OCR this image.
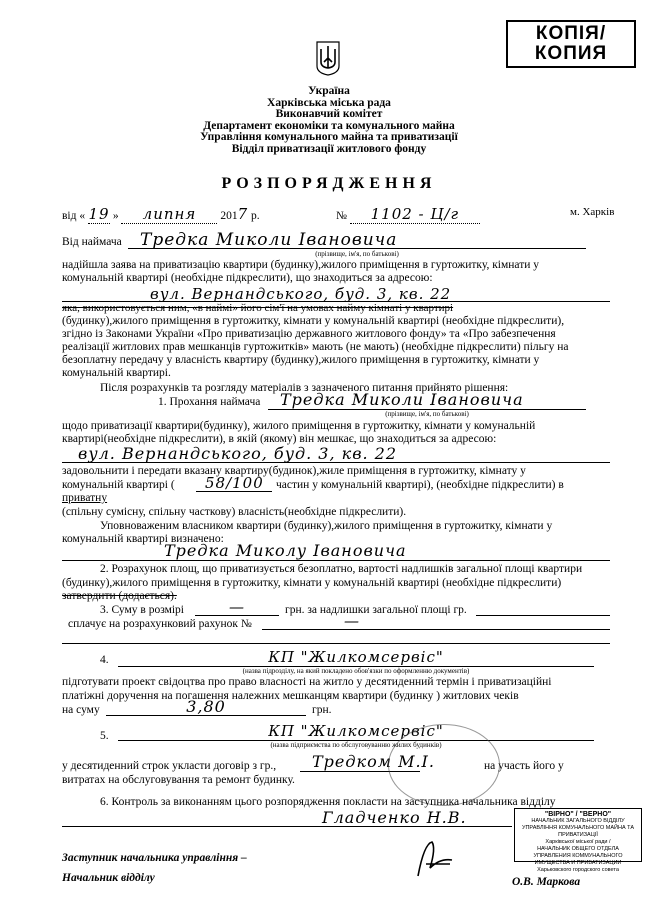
КОПІЯ/
КОПИЯ
Україна
Харківська міська рада
Виконавчий комітет
Департамент економіки та комунального майна
Управління комунального майна та приватизації
Відділ приватизації житлового фонду
РОЗПОРЯДЖЕННЯ
від « 19 » липня 2017 р.	№ 1102 - Ц/г	м. Харків
Від наймача Тредка Миколи Івановича
(прізвище, ім'я, по батькові)
надійшла заява на приватизацію квартири (будинку),жилого приміщення в гуртожитку, кімнати у
комунальній квартирі (необхідне підкреслити), що знаходиться за адресою:
вул. Вернандського, буд. 3, кв. 22
яка, використовується ним, «в наймі» його сім'ї на умовах найму кімнаті у квартирі
(будинку),жилого приміщення в гуртожитку, кімнати у комунальній квартирі (необхідне підкреслити),
згідно із Законами України «Про приватизацію державного житлового фонду» та «Про забезпечення
реалізації житлових прав мешканців гуртожитків» мають (не мають) (необхідне підкреслити) пільгу на
безоплатну передачу у власність квартиру (будинку),жилого приміщення в гуртожитку, кімнати у
комунальній квартирі.
Після розрахунків та розгляду матеріалів з зазначеного питання прийнято рішення:
1. Прохання наймача Тредка Миколи Івановича
(прізвище, ім'я, по батькові)
щодо приватизації квартири(будинку), жилого приміщення в гуртожитку, кімнати у комунальній
квартирі(необхідне підкреслити), в якій (якому) він мешкає, що знаходиться за адресою:
вул. Вернандського, буд. 3, кв. 22
задовольнити і передати вказану квартиру(будинок),жиле приміщення в гуртожитку, кімнату у
комунальній квартирі ( 58/100 частин у комунальній квартирі), (необхідне підкреслити) в
приватну
(спільну сумісну, спільну часткову) власність(необхідне підкреслити).
Уповноваженим власником квартири (будинку),жилого приміщення в гуртожитку, кімнати у
комунальній квартирі визначено:
Тредка Миколу Івановича
2. Розрахунок площ, що приватизується безоплатно, вартості надлишків загальної площі квартири
(будинку),жилого приміщення в гуртожитку, кімнати у комунальній квартирі (необхідне підкреслити)
затвердити (додається).
3. Суму в розмірі	—	грн. за надлишки загальної площі гр.
сплачує на розрахунковий рахунок №	—
4.	КП "Жилкомсервіс"
(назва підрозділу, на який покладено обов'язки по оформленню документів)
підготувати проект свідоцтва про право власності на житло у десятиденний термін і приватизаційні
платіжні доручення на погашення належних мешканцям квартири (будинку ) житлових чеків
на суму	3,80	грн.
5.	КП "Жилкомсервіс"
(назва підприємства по обслуговуванню жилих будинків)
у десятиденний строк укласти договір з гр., Тредком М.І.	на участь його у
витратах на обслуговування та ремонт будинку.
6. Контроль за виконанням цього розпорядження покласти на заступника начальника відділу
Гладченко Н.В.	"ВІРНО" / "ВЕРНО"
НАЧАЛЬНИК ЗАГАЛЬНОГО ВІДДІЛУ
УПРАВЛІННЯ КОМУНАЛЬНОГО МАЙНА ТА ПРИВАТИЗАЦІЇ
Харківської міської ради /
НАЧАЛЬНИК ОБЩЕГО ОТДЕЛА
УПРАВЛЕНИЯ КОММУНАЛЬНОГО ИМУЩЕСТВА И ПРИВАТИЗАЦИИ
Харьковского городского совета
Заступник начальника управління –
Начальник відділу	О.В. Маркова
